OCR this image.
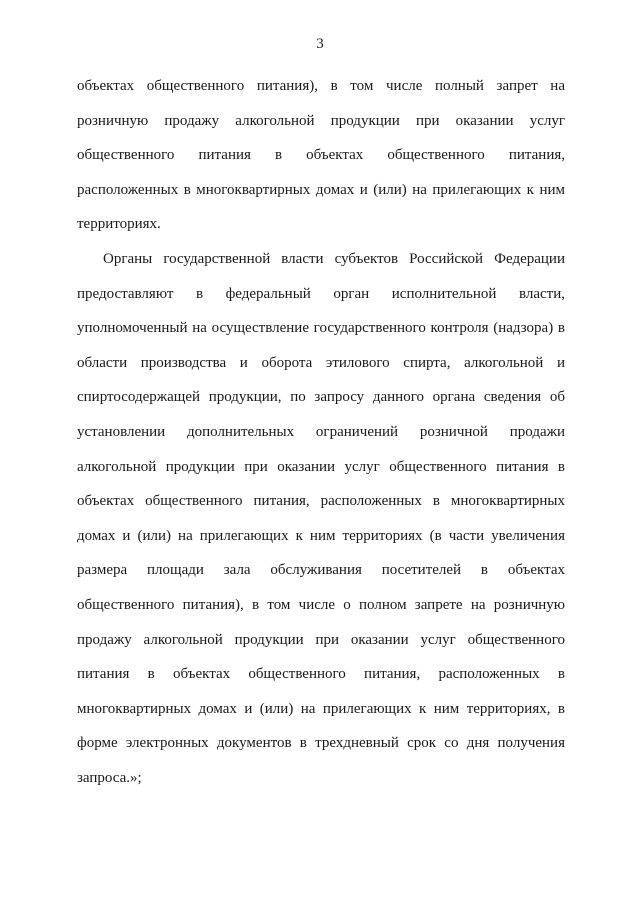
3
объектах общественного питания), в том числе полный запрет на
розничную продажу алкогольной продукции при оказании услуг
общественного питания в объектах общественного питания,
расположенных в многоквартирных домах и (или) на прилегающих к ним
территориях.
Органы государственной власти субъектов Российской Федерации
предоставляют в федеральный орган исполнительной власти,
уполномоченный на осуществление государственного контроля (надзора) в
области производства и оборота этилового спирта, алкогольной и
спиртосодержащей продукции, по запросу данного органа сведения об
установлении дополнительных ограничений розничной продажи
алкогольной продукции при оказании услуг общественного питания в
объектах общественного питания, расположенных в многоквартирных
домах и (или) на прилегающих к ним территориях (в части увеличения
размера площади зала обслуживания посетителей в объектах
общественного питания), в том числе о полном запрете на розничную
продажу алкогольной продукции при оказании услуг общественного
питания в объектах общественного питания, расположенных в
многоквартирных домах и (или) на прилегающих к ним территориях, в
форме электронных документов в трехдневный срок со дня получения
запроса.»;
